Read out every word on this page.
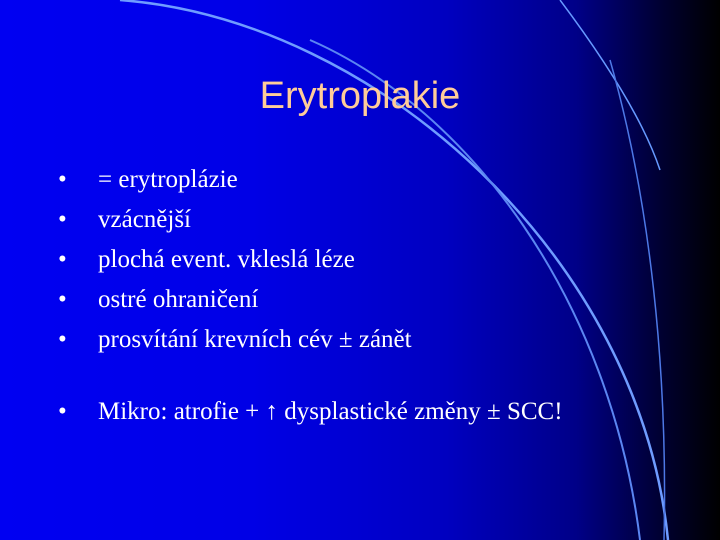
Erytroplakie
•	= erytroplázie
•	vzácnější
•	plochá event. vkleslá léze
•	ostré ohraničení
•	prosvítání krevních cév ± zánět
•	Mikro: atrofie + ↑ dysplastické změny ± SCC!
